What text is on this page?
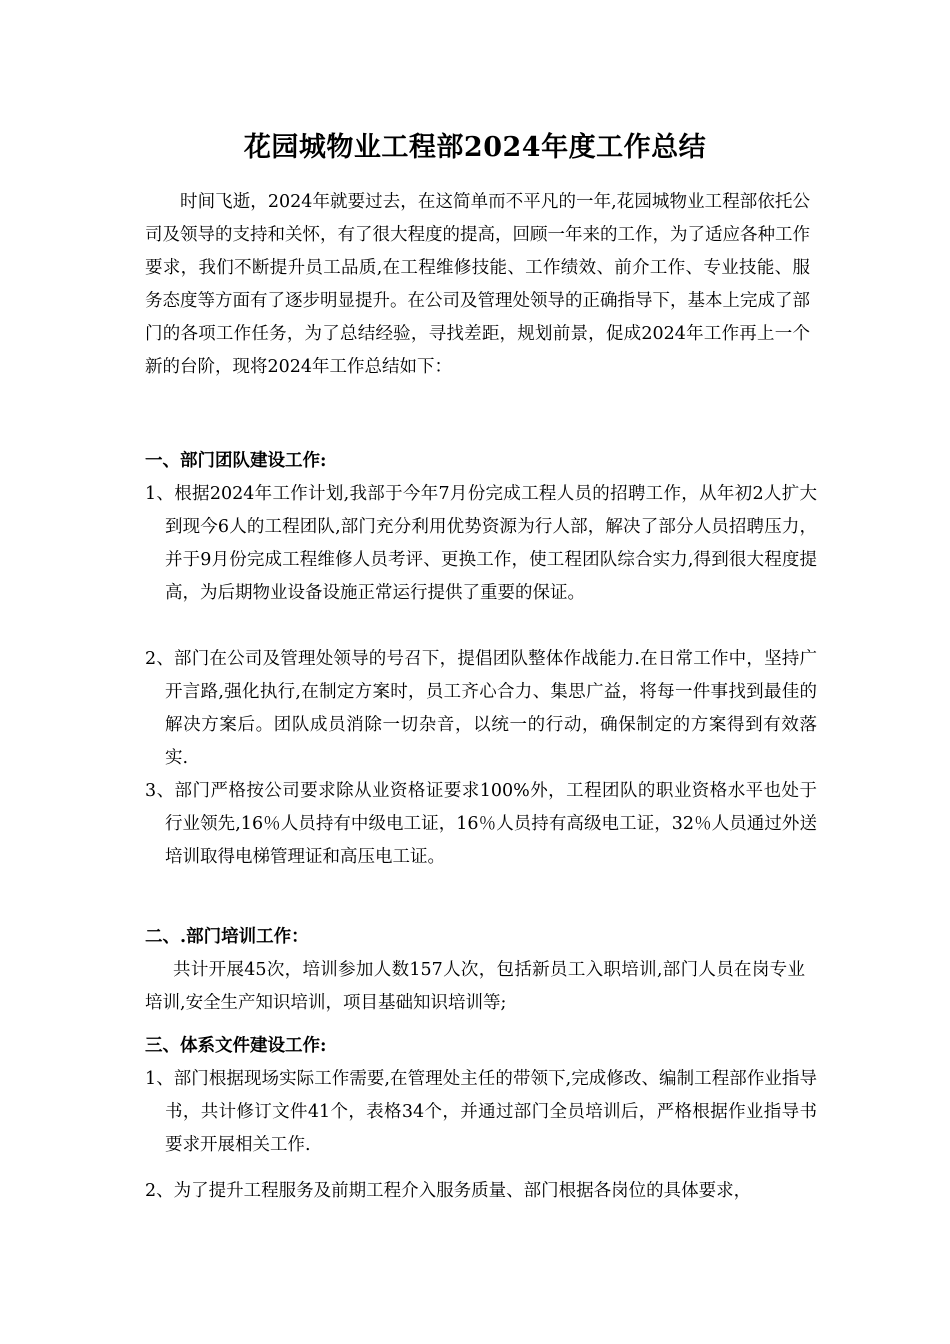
花园城物业工程部2024年度工作总结
时间飞逝，2024年就要过去，在这简单而不平凡的一年,花园城物业工程部依托公司及领导的支持和关怀，有了很大程度的提高，回顾一年来的工作，为了适应各种工作要求，我们不断提升员工品质,在工程维修技能、工作绩效、前介工作、专业技能、服务态度等方面有了逐步明显提升。在公司及管理处领导的正确指导下，基本上完成了部门的各项工作任务，为了总结经验，寻找差距，规划前景，促成2024年工作再上一个新的台阶，现将2024年工作总结如下：
一、部门团队建设工作:
1、根据2024年工作计划,我部于今年7月份完成工程人员的招聘工作，从年初2人扩大到现今6人的工程团队,部门充分利用优势资源为行人部，解决了部分人员招聘压力，并于9月份完成工程维修人员考评、更换工作，使工程团队综合实力,得到很大程度提高，为后期物业设备设施正常运行提供了重要的保证。
2、部门在公司及管理处领导的号召下，提倡团队整体作战能力.在日常工作中，坚持广开言路,强化执行,在制定方案时，员工齐心合力、集思广益，将每一件事找到最佳的解决方案后。团队成员消除一切杂音，以统一的行动，确保制定的方案得到有效落实.
3、部门严格按公司要求除从业资格证要求100%外，工程团队的职业资格水平也处于行业领先,16％人员持有中级电工证，16％人员持有高级电工证，32％人员通过外送培训取得电梯管理证和高压电工证。
二、.部门培训工作：
共计开展45次，培训参加人数157人次，包括新员工入职培训,部门人员在岗专业培训,安全生产知识培训，项目基础知识培训等;
三、体系文件建设工作:
1、部门根据现场实际工作需要,在管理处主任的带领下,完成修改、编制工程部作业指导书，共计修订文件41个，表格34个，并通过部门全员培训后，严格根据作业指导书要求开展相关工作.
2、为了提升工程服务及前期工程介入服务质量、部门根据各岗位的具体要求，
